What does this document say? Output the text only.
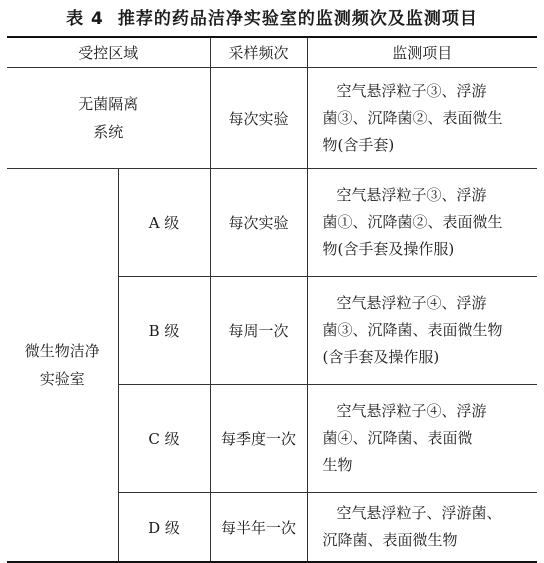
表 4 推荐的药品洁净实验室的监测频次及监测项目
受控区域		采样频次	监测项目

无菌隔离
系统		每次实验	空气悬浮粒子③、浮游
菌③、沉降菌②、表面微生
物(含手套)

微生物洁净
实验室	A 级	每次实验	空气悬浮粒子③、浮游
菌①、沉降菌②、表面微生
物(含手套及操作服)

	B 级	每周一次	空气悬浮粒子④、浮游
菌③、沉降菌、表面微生物
(含手套及操作服)

	C 级	每季度一次	空气悬浮粒子④、浮游
菌④、沉降菌、表面微
生物

	D 级	每半年一次	空气悬浮粒子、浮游菌、
沉降菌、表面微生物
